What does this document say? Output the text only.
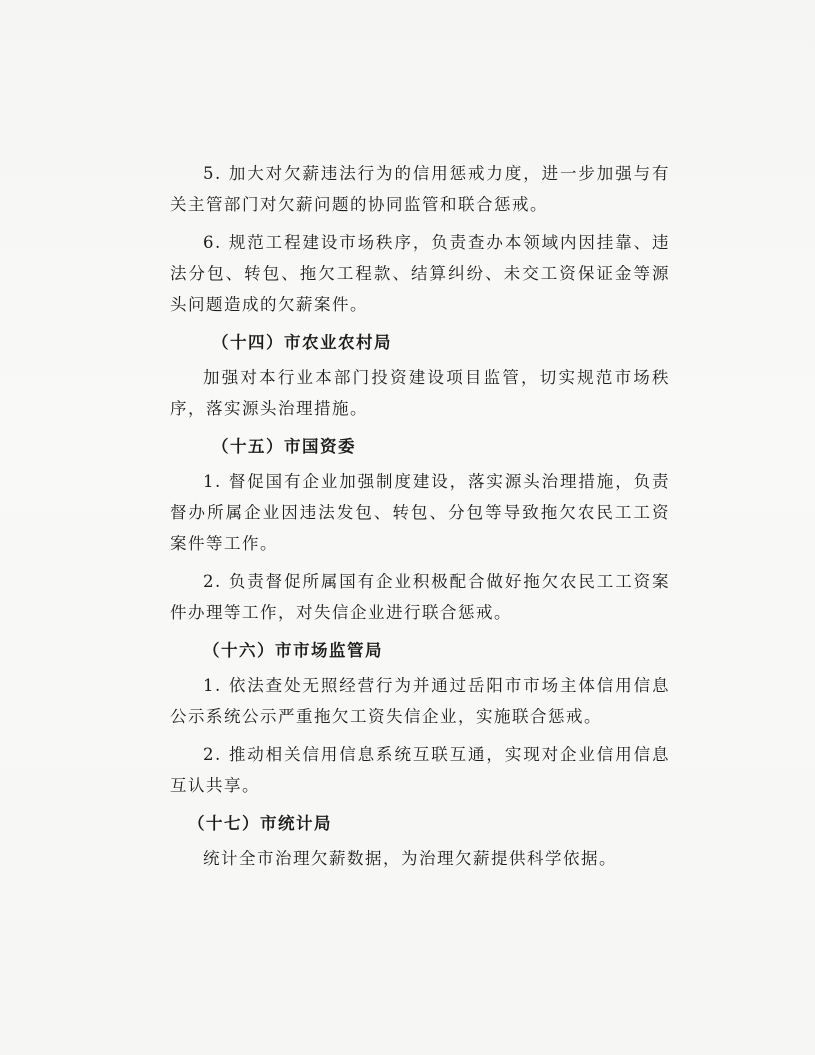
5. 加大对欠薪违法行为的信用惩戒力度，进一步加强与有关主管部门对欠薪问题的协同监管和联合惩戒。

6. 规范工程建设市场秩序，负责查办本领域内因挂靠、违法分包、转包、拖欠工程款、结算纠纷、未交工资保证金等源头问题造成的欠薪案件。

（十四）市农业农村局

加强对本行业本部门投资建设项目监管，切实规范市场秩序，落实源头治理措施。

（十五）市国资委

1. 督促国有企业加强制度建设，落实源头治理措施，负责督办所属企业因违法发包、转包、分包等导致拖欠农民工工资案件等工作。

2. 负责督促所属国有企业积极配合做好拖欠农民工工资案件办理等工作，对失信企业进行联合惩戒。

（十六）市市场监管局

1. 依法查处无照经营行为并通过岳阳市市场主体信用信息公示系统公示严重拖欠工资失信企业，实施联合惩戒。

2. 推动相关信用信息系统互联互通，实现对企业信用信息互认共享。

（十七）市统计局

统计全市治理欠薪数据，为治理欠薪提供科学依据。
